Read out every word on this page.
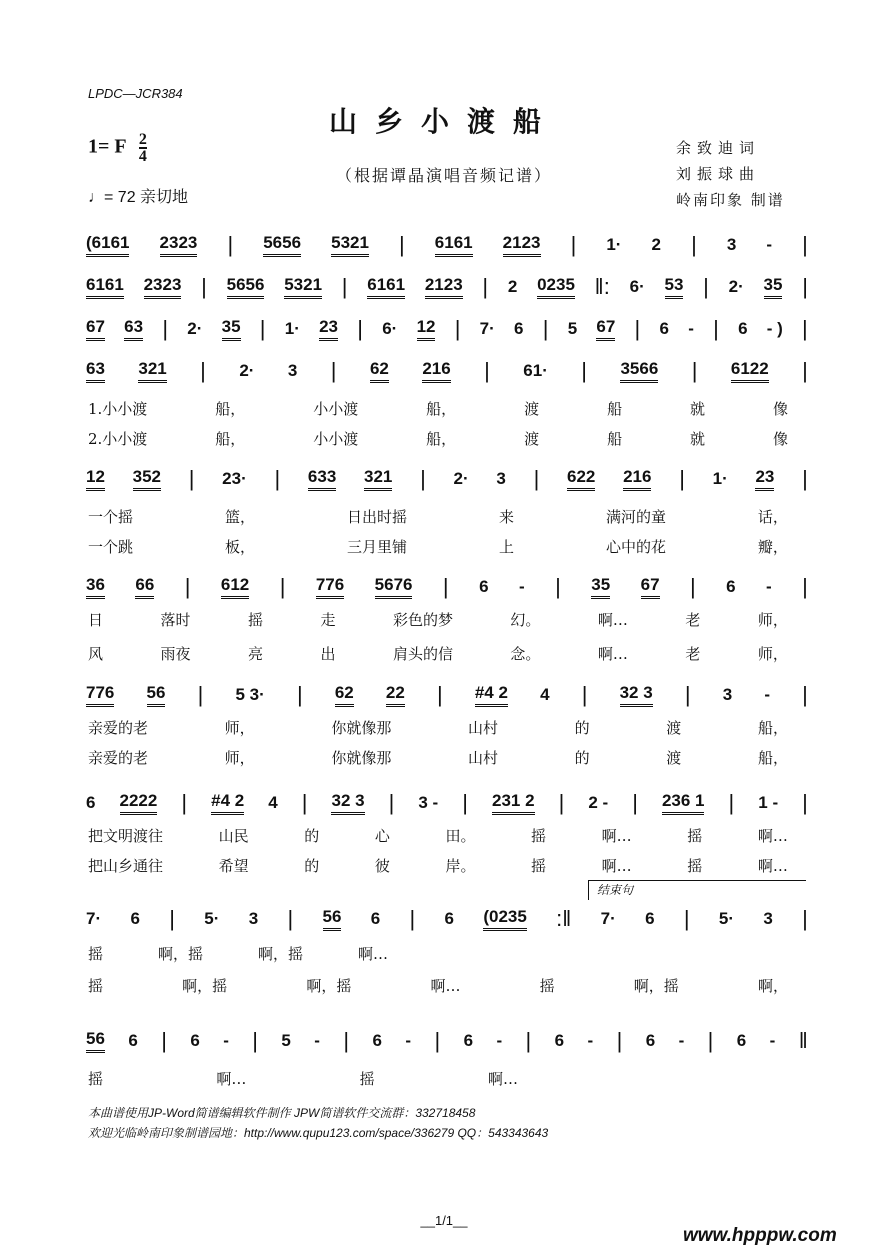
LPDC—JCR384
山乡小渡船
1= F $\frac{2}{4}$
（根据谭晶演唱音频记谱）
♩= 72 亲切地
余致迪词
刘振球曲
岭南印象 制谱
(6161 2323 | 5656 5321 | 6161 2123 | 1· 2 | 3 - |
6161 2323 | 5656 5321 | 6161 2123 | 2 0235 ‖: 6· 53 | 2· 35 |
67 63 | 2· 35 | 1· 23 | 6· 12 | 7· 6 | 5 67 | 6 - | 6 - ) |
63 321 | 2· 3 | 62 216 | 61· | 3566 | 6122 |
12 352 | 23· | 633 321 | 2· 3 | 622 216 | 1· 23 |
36 66 | 612 | 776 5676 | 6 - | 35 67 | 6 - |
776 56 | 5 3· | 62 22 | #4 2 4 | 32 3 | 3 - |
6 2222 | #4 2 4 | 32 3 | 3 - | 231 2 | 2 - | 236 1 | 1 - |
7· 6 | 5· 3 | 56 6 | 6 (0235 :‖ 7· 6 | 5· 3 |
56 6 | 6 - | 5 - | 6 - | 6 - | 6 - | 6 - | 6 - ‖
1.小小渡	船，	小小渡	船，	渡	船	就	像
2.小小渡	船，	小小渡	船，	渡	船	就	像
一个摇	篮，	日出时摇	来	满河的童	话，
一个跳	板，	三月里铺	上	心中的花	瓣，
日	落时	摇	走	彩色的梦	幻。	啊…	老	师，
风	雨夜	亮	出	肩头的信	念。	啊…	老	师，
亲爱的老	师，	你就像那	山村	的	渡	船，
亲爱的老	师，	你就像那	山村	的	渡	船，
把文明渡往	山民	的	心	田。	摇	啊…	摇	啊…
把山乡通往	希望	的	彼	岸。	摇	啊…	摇	啊…
摇	啊，摇	啊，摇	啊…
摇	啊，摇	啊，摇	啊…	摇	啊，摇	啊，
摇	啊…	摇	啊…
结束句
本曲谱使用JP-Word简谱编辑软件制作 JPW简谱软件交流群：332718458
欢迎光临岭南印象制谱园地：http://www.qupu123.com/space/336279 QQ：543343643
__1/1__
www.hpppw.com
